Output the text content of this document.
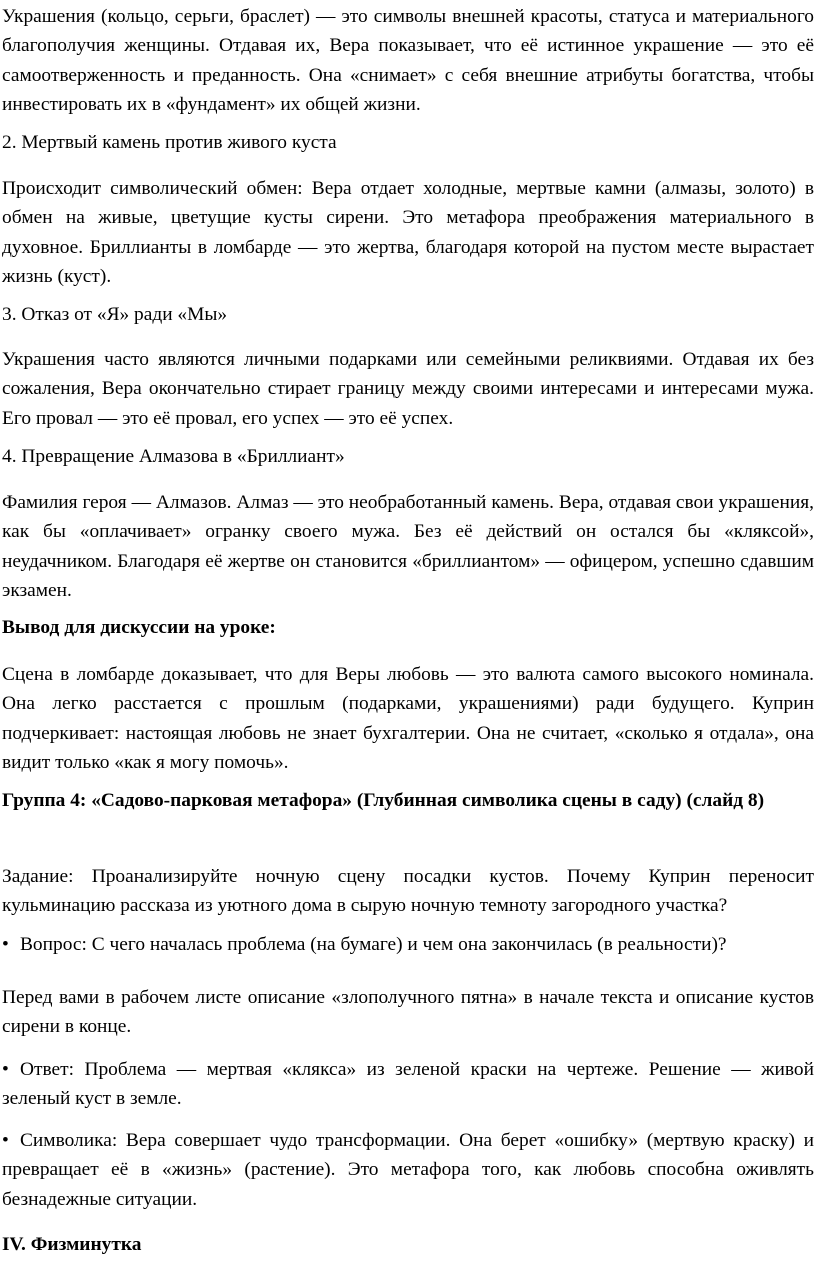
Украшения (кольцо, серьги, браслет) — это символы внешней красоты, статуса и материального благополучия женщины. Отдавая их, Вера показывает, что её истинное украшение — это её самоотверженность и преданность. Она «снимает» с себя внешние атрибуты богатства, чтобы инвестировать их в «фундамент» их общей жизни.

2. Мертвый камень против живого куста

Происходит символический обмен: Вера отдает холодные, мертвые камни (алмазы, золото) в обмен на живые, цветущие кусты сирени. Это метафора преображения материального в духовное. Бриллианты в ломбарде — это жертва, благодаря которой на пустом месте вырастает жизнь (куст).

3. Отказ от «Я» ради «Мы»

Украшения часто являются личными подарками или семейными реликвиями. Отдавая их без сожаления, Вера окончательно стирает границу между своими интересами и интересами мужа. Его провал — это её провал, его успех — это её успех.

4. Превращение Алмазова в «Бриллиант»

Фамилия героя — Алмазов. Алмаз — это необработанный камень. Вера, отдавая свои украшения, как бы «оплачивает» огранку своего мужа. Без её действий он остался бы «кляксой», неудачником. Благодаря её жертве он становится «бриллиантом» — офицером, успешно сдавшим экзамен.

Вывод для дискуссии на уроке:

Сцена в ломбарде доказывает, что для Веры любовь — это валюта самого высокого номинала. Она легко расстается с прошлым (подарками, украшениями) ради будущего. Куприн подчеркивает: настоящая любовь не знает бухгалтерии. Она не считает, «сколько я отдала», она видит только «как я могу помочь».

Группа 4: «Садово-парковая метафора» (Глубинная символика сцены в саду) (слайд 8)

Задание: Проанализируйте ночную сцену посадки кустов. Почему Куприн переносит кульминацию рассказа из уютного дома в сырую ночную темноту загородного участка?

• Вопрос: С чего началась проблема (на бумаге) и чем она закончилась (в реальности)?

Перед вами в рабочем листе описание «злополучного пятна» в начале текста и описание кустов сирени в конце.

• Ответ: Проблема — мертвая «клякса» из зеленой краски на чертеже. Решение — живой зеленый куст в земле.

• Символика: Вера совершает чудо трансформации. Она берет «ошибку» (мертвую краску) и превращает её в «жизнь» (растение). Это метафора того, как любовь способна оживлять безнадежные ситуации.

IV. Физминутка
